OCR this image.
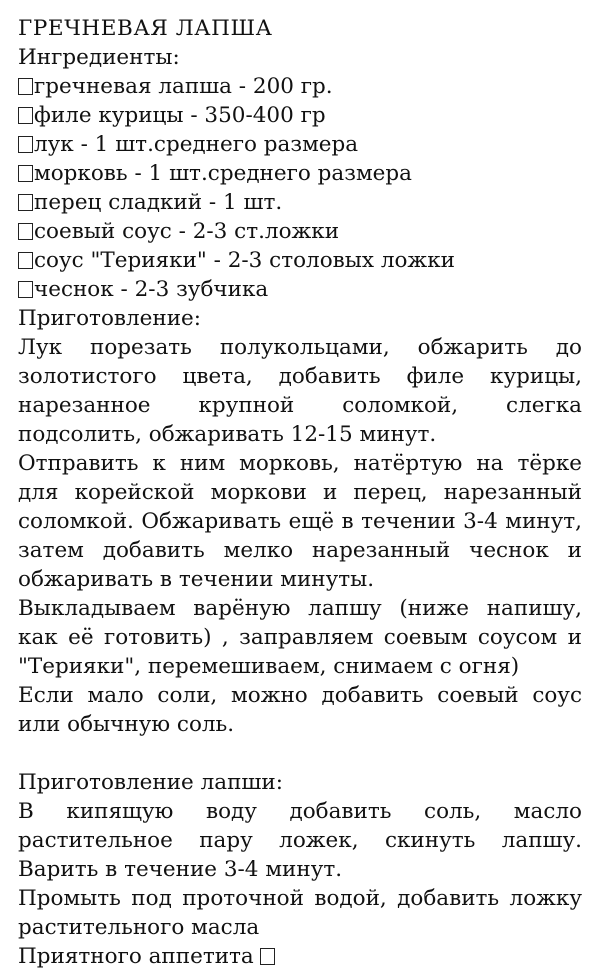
ГРЕЧНЕВАЯ ЛАПША
Ингредиенты:
гречневая лапша - 200 гр.
филе курицы - 350-400 гр
лук - 1 шт.среднего размера
морковь - 1 шт.среднего размера
перец сладкий - 1 шт.
соевый соус - 2-3 ст.ложки
соус "Терияки" - 2-3 столовых ложки
чеснок - 2-3 зубчика
Приготовление:

Лук порезать полукольцами, обжарить до золотистого цвета, добавить филе курицы, нарезанное крупной соломкой, слегка подсолить, обжаривать 12-15 минут.

Отправить к ним морковь, натёртую на тёрке для корейской моркови и перец, нарезанный соломкой. Обжаривать ещё в течении 3-4 минут, затем добавить мелко нарезанный чеснок и обжаривать в течении минуты.

Выкладываем варёную лапшу (ниже напишу, как её готовить) , заправляем соевым соусом и "Терияки", перемешиваем, снимаем с огня)

Если мало соли, можно добавить соевый соус или обычную соль.

Приготовление лапши:

В кипящую воду добавить соль, масло растительное пару ложек, скинуть лапшу. Варить в течение 3-4 минут.

Промыть под проточной водой, добавить ложку растительного масла

Приятного аппетита
